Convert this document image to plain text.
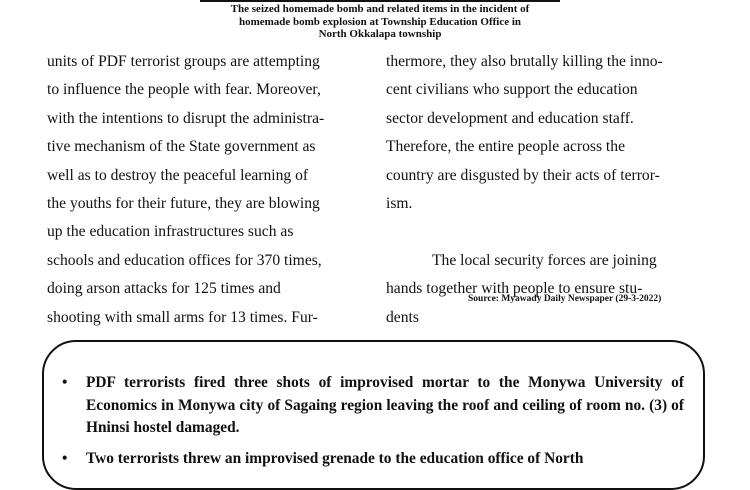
The seized homemade bomb and related items in the incident of
homemade bomb explosion at Township Education Office in
North Okkalapa township

units of PDF terrorist groups are attempting

to influence the people with fear. Moreover,

with the intentions to disrupt the administra-

tive mechanism of the State government as

well as to destroy the peaceful learning of

the youths for their future, they are blowing

up the education infrastructures such as

schools and education offices for 370 times,

doing arson attacks for 125 times and

shooting with small arms for 13 times. Fur-

thermore, they also brutally killing the inno-

cent civilians who support the education

sector development and education staff.

Therefore, the entire people across the

country are disgusted by their acts of terror-

ism.

The local security forces are joining

hands together with people to ensure stu-

dents

Source: Myawady Daily Newspaper (29-3-2022)
• PDF terrorists fired three shots of improvised mortar to the Monywa University of Economics in Monywa city of Sagaing region leaving the roof and ceiling of room no. (3) of Hninsi hostel damaged.
• Two terrorists threw an improvised grenade to the education office of North
